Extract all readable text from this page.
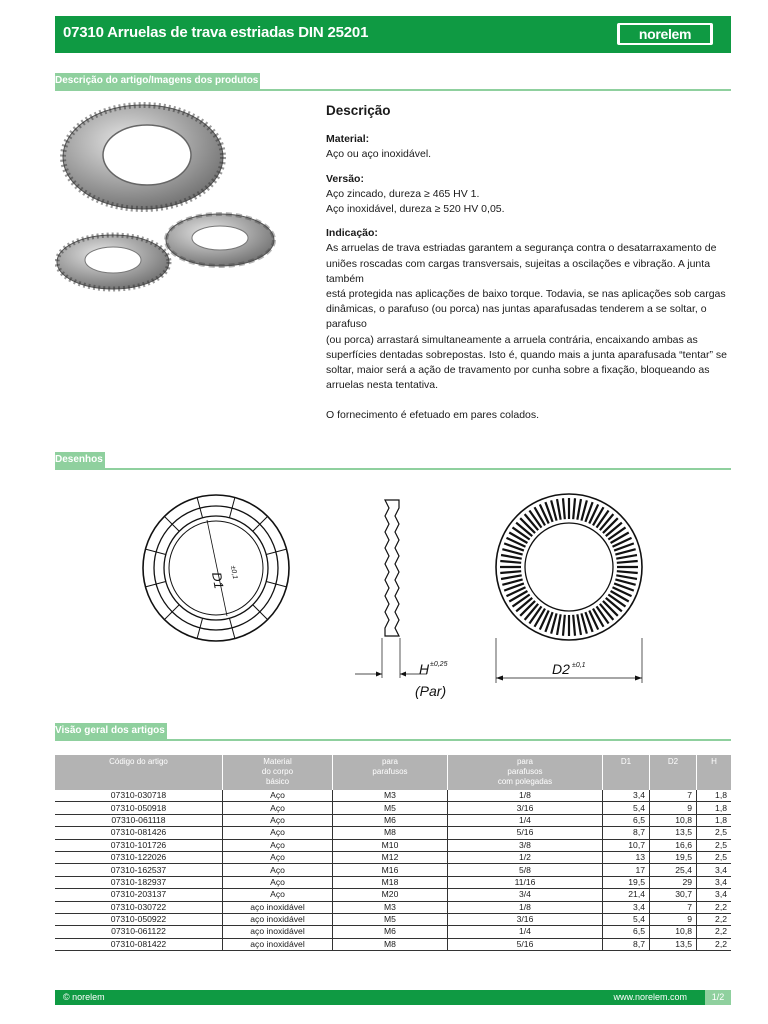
07310 Arruelas de trava estriadas DIN 25201	norelem
Descrição do artigo/Imagens dos produtos
Descrição

Material:

Aço ou aço inoxidável.

Versão:

Aço zincado, dureza ≥ 465 HV 1.

Aço inoxidável, dureza ≥ 520 HV 0,05.

Indicação:

As arruelas de trava estriadas garantem a segurança contra o desatarraxamento de uniões roscadas com cargas transversais, sujeitas a oscilações e vibração. A junta também

está protegida nas aplicações de baixo torque. Todavia, se nas aplicações sob cargas dinâmicas, o parafuso (ou porca) nas juntas aparafusadas tenderem a se soltar, o parafuso

(ou porca) arrastará simultaneamente a arruela contrária, encaixando ambas as superfícies dentadas sobrepostas. Isto é, quando mais a junta aparafusada “tentar” se soltar, maior será a ação de travamento por cunha sobre a fixação, bloqueando as arruelas nesta tentativa.

O fornecimento é efetuado em pares colados.

Desenhos
D1 ±0,1
H ±0,25
(Par)
D2 ±0,1
Visão geral dos artigos
Código do artigo	Material
do corpo
básico	para
parafusos	para
parafusos
com polegadas	D1	D2	H
07310-030718	Aço	M3	1/8	3,4	7	1,8
07310-050918	Aço	M5	3/16	5,4	9	1,8
07310-061118	Aço	M6	1/4	6,5	10,8	1,8
07310-081426	Aço	M8	5/16	8,7	13,5	2,5
07310-101726	Aço	M10	3/8	10,7	16,6	2,5
07310-122026	Aço	M12	1/2	13	19,5	2,5
07310-162537	Aço	M16	5/8	17	25,4	3,4
07310-182937	Aço	M18	11/16	19,5	29	3,4
07310-203137	Aço	M20	3/4	21,4	30,7	3,4
07310-030722	aço inoxidável	M3	1/8	3,4	7	2,2
07310-050922	aço inoxidável	M5	3/16	5,4	9	2,2
07310-061122	aço inoxidável	M6	1/4	6,5	10,8	2,2
07310-081422	aço inoxidável	M8	5/16	8,7	13,5	2,2
© norelem	www.norelem.com	1/2
